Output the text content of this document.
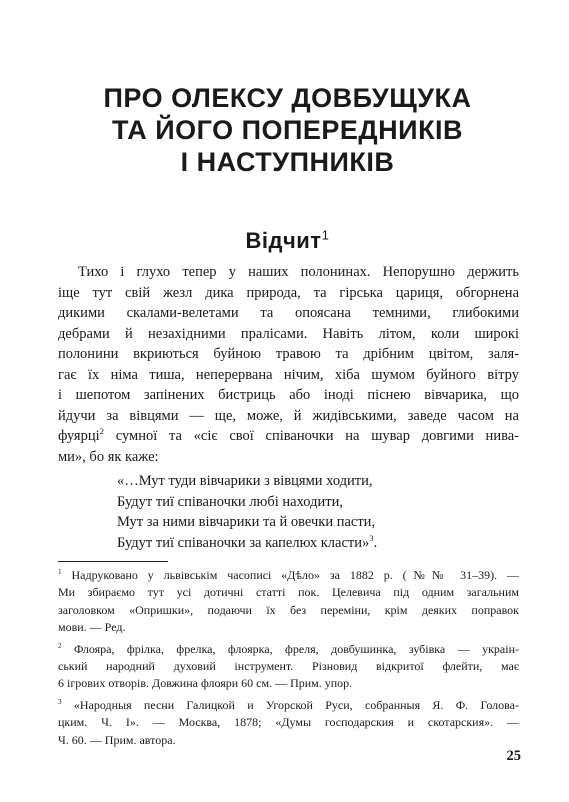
ПРО ОЛЕКСУ ДОВБУЩУКА
ТА ЙОГО ПОПЕРЕДНИКІВ
І НАСТУПНИКІВ
Відчит$^1$
Тихо і глухо тепер у наших полонинах. Непорушно держить
іще тут свій жезл дика природа, та гірська цариця, обгорнена
дикими скалами-велетами та опоясана темними, глибокими
дебрами й незахідними пралісами. Навіть літом, коли широкі
полонини вкриються буйною травою та дрібним цвітом, заля-
гає їх німа тиша, неперервана нічим, хіба шумом буйного вітру
і шепотом запінених бистриць або іноді піснею вівчарика, що
йдучи за вівцями — ще, може, й жидівськими, заведе часом на
фуярці$^2$ сумної та «сіє свої співаночки на шувар довгими нива-
ми», бо як каже:
«…Мут туди вівчарики з вівцями ходити,
Будут тиї співаночки любі находити,
Мут за ними вівчарики та й овечки пасти,
Будут тиї співаночки за капелюх класти»$^3$.
$^1$ Надруковано у львівськім часописі «Дѣло» за 1882 р. (№№ 31–39). —
Ми збираємо тут усі дотичні статті пок. Целевича під одним загальним
заголовком «Опришки», подаючи їх без переміни, крім деяких поправок
мови. — Ред.
$^2$ Флояра, фрілка, фрелка, флоярка, фреля, довбушинка, зубівка — украін-
ський народний духовий інструмент. Різновид відкритої флейти, має
6 ігрових отворів. Довжина флояри 60 см. — Прим. упор.
$^3$ «Народныя песни Галицкой и Угорской Руси, собранныя Я. Ф. Голова-
цким. Ч. І». — Москва, 1878; «Думы господарския и скотарския». —
Ч. 60. — Прим. автора.
25
